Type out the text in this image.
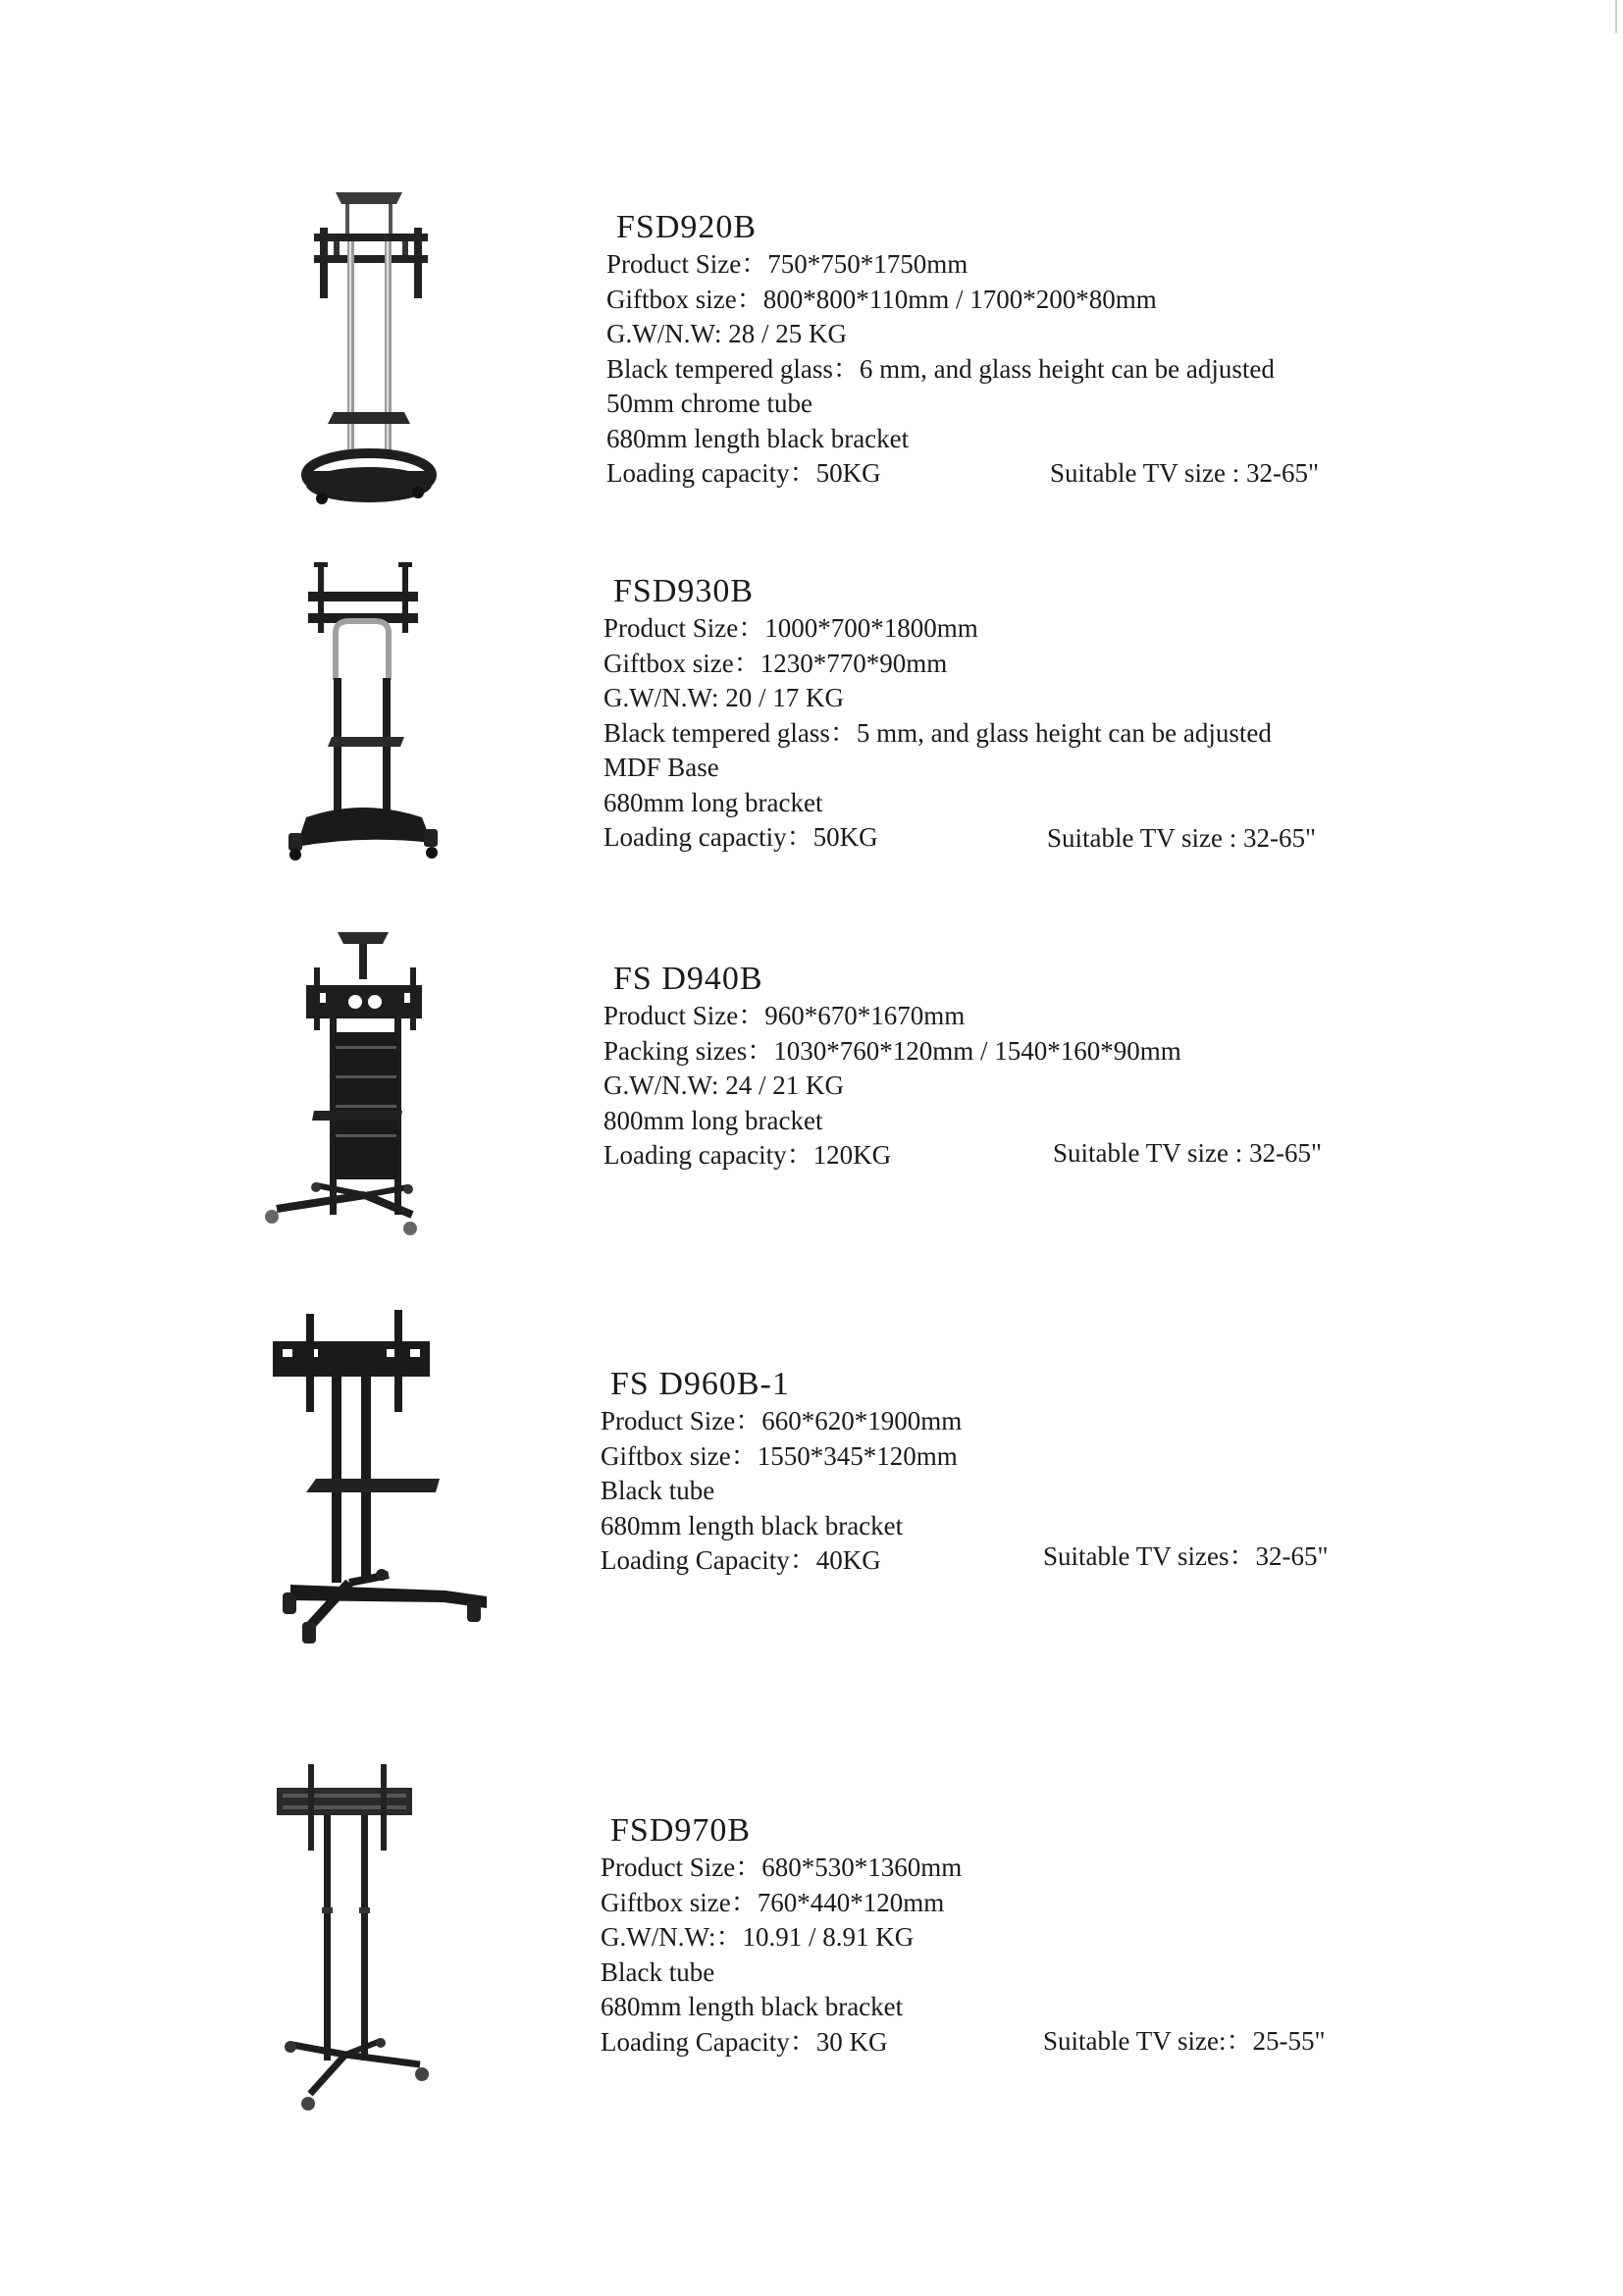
FSD920B
Product Size：750*750*1750mm
Giftbox size：800*800*110mm / 1700*200*80mm
G.W/N.W: 28 / 25 KG
Black tempered glass：6 mm, and glass height can be adjusted
50mm chrome tube
680mm length black bracket
Loading capacity：50KG	Suitable TV size : 32-65"
FSD930B
Product Size：1000*700*1800mm
Giftbox size：1230*770*90mm
G.W/N.W: 20 / 17 KG
Black tempered glass：5 mm, and glass height can be adjusted
MDF Base
680mm long bracket
Loading capactiy：50KG	Suitable TV size : 32-65"
FS D940B
Product Size：960*670*1670mm
Packing sizes：1030*760*120mm / 1540*160*90mm
G.W/N.W: 24 / 21 KG
800mm long bracket
Loading capacity：120KG	Suitable TV size : 32-65"
FS D960B-1
Product Size：660*620*1900mm
Giftbox size：1550*345*120mm
Black tube
680mm length black bracket
Loading Capacity：40KG	Suitable TV sizes：32-65"
FSD970B
Product Size：680*530*1360mm
Giftbox size：760*440*120mm
G.W/N.W:：10.91 / 8.91 KG
Black tube
680mm length black bracket
Loading Capacity：30 KG	Suitable TV size:：25-55"
